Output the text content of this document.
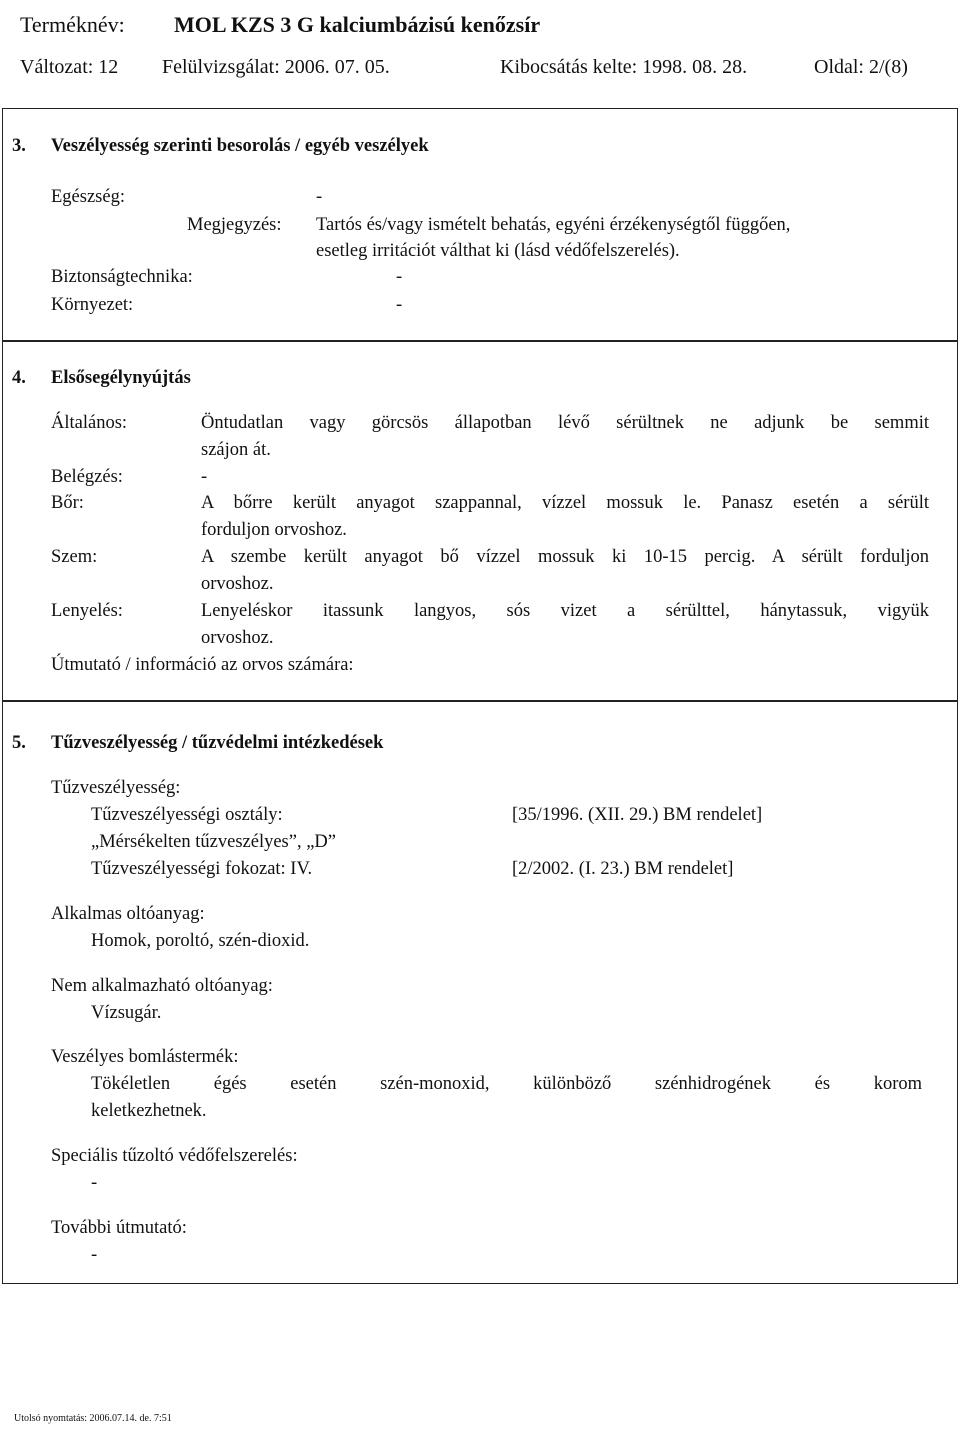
Terméknév: MOL KZS 3 G kalciumbázisú kenőzsír
Változat: 12 Felülvizsgálat: 2006. 07. 05.	Kibocsátás kelte: 1998. 08. 28.	Oldal: 2/(8)
3. Veszélyesség szerinti besorolás / egyéb veszélyek
Egészség:	-
Megjegyzés: Tartós és/vagy ismételt behatás, egyéni érzékenységtől függően,
esetleg irritációt válthat ki (lásd védőfelszerelés).
Biztonságtechnika:	-
Környezet:	-
4. Elsősegélynyújtás
Általános:	Öntudatlan vagy görcsös állapotban lévő sérültnek ne adjunk be semmit
szájon át.
Belégzés:	-
Bőr:	A bőrre került anyagot szappannal, vízzel mossuk le. Panasz esetén a sérült
forduljon orvoshoz.
Szem:	A szembe került anyagot bő vízzel mossuk ki 10-15 percig. A sérült forduljon
orvoshoz.
Lenyelés:	Lenyeléskor itassunk langyos, sós vizet a sérülttel, hánytassuk, vigyük
orvoshoz.
Útmutató / információ az orvos számára:
5. Tűzveszélyesség / tűzvédelmi intézkedések
Tűzveszélyesség:
Tűzveszélyességi osztály:	[35/1996. (XII. 29.) BM rendelet]
„Mérsékelten tűzveszélyes”, „D”
Tűzveszélyességi fokozat: IV.	[2/2002. (I. 23.) BM rendelet]
Alkalmas oltóanyag:
Homok, poroltó, szén-dioxid.
Nem alkalmazható oltóanyag:
Vízsugár.
Veszélyes bomlástermék:
Tökéletlen égés esetén szén-monoxid, különböző szénhidrogének és korom
keletkezhetnek.
Speciális tűzoltó védőfelszerelés:
-
További útmutató:
-
Utolsó nyomtatás: 2006.07.14. de. 7:51
